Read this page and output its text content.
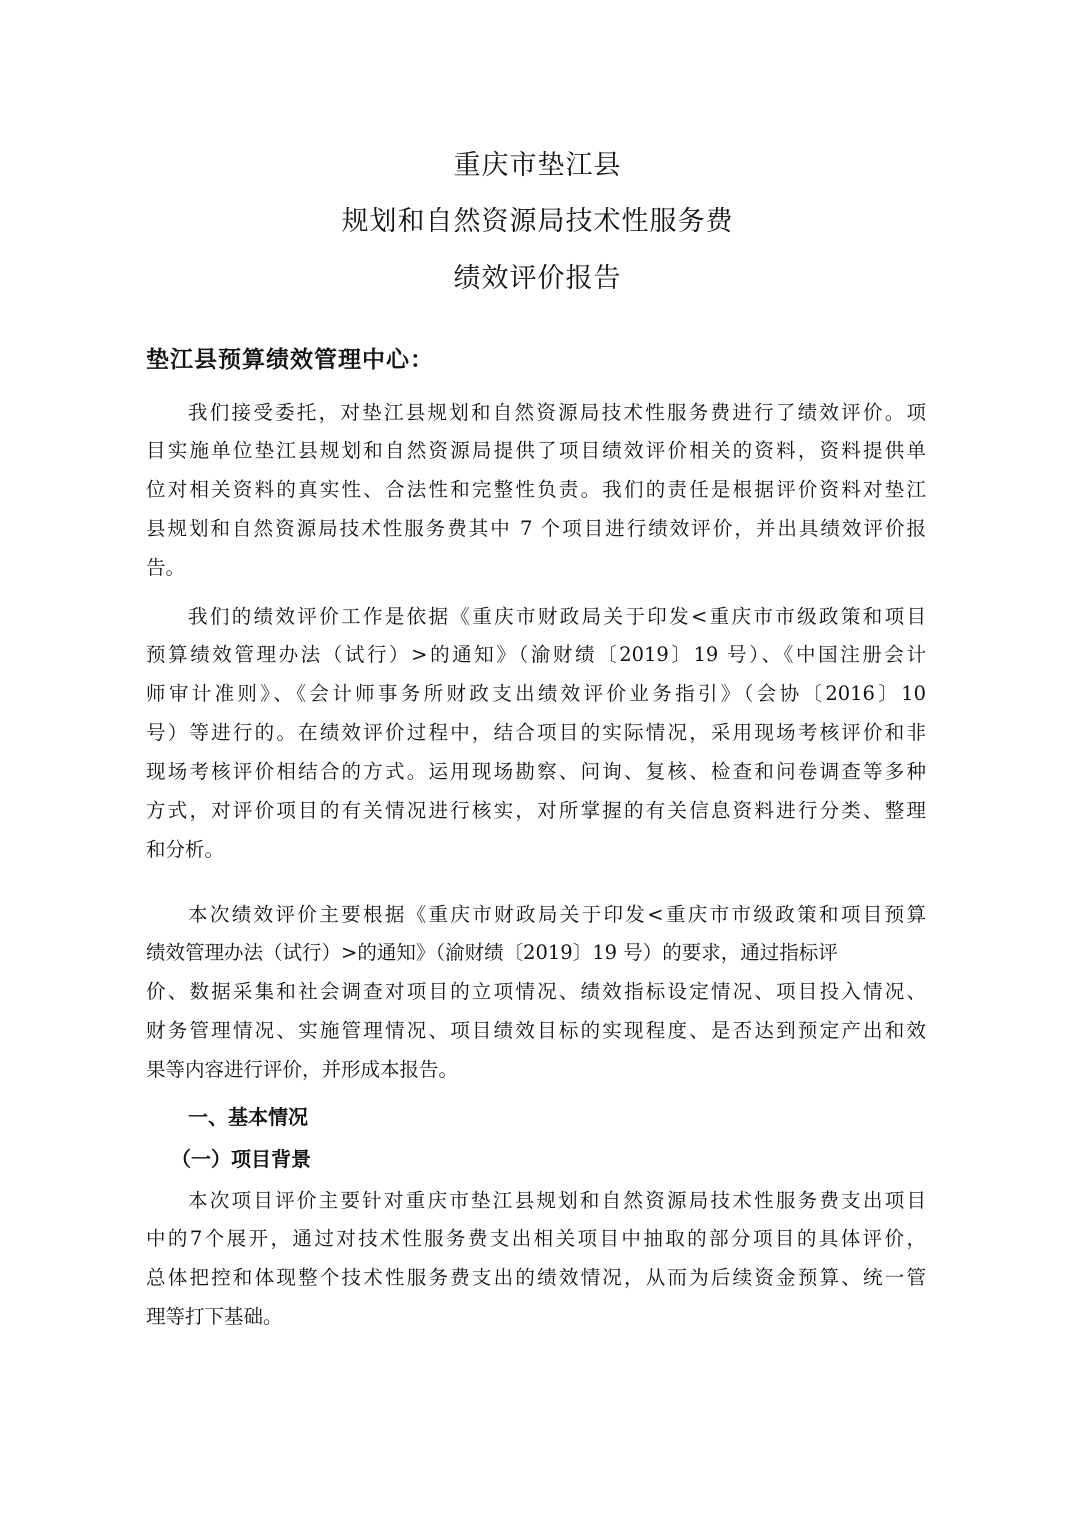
重庆市垫江县
规划和自然资源局技术性服务费
绩效评价报告
垫江县预算绩效管理中心：
我们接受委托，对垫江县规划和自然资源局技术性服务费进行了绩效评价。项
目实施单位垫江县规划和自然资源局提供了项目绩效评价相关的资料，资料提供单
位对相关资料的真实性、合法性和完整性负责。我们的责任是根据评价资料对垫江
县规划和自然资源局技术性服务费其中 7 个项目进行绩效评价，并出具绩效评价报
告。
我们的绩效评价工作是依据《重庆市财政局关于印发<重庆市市级政策和项目
预算绩效管理办法（试行）>的通知》（渝财绩〔2019〕19 号）、《中国注册会计
师审计准则》、《会计师事务所财政支出绩效评价业务指引》（会协〔2016〕10
号）等进行的。在绩效评价过程中，结合项目的实际情况，采用现场考核评价和非
现场考核评价相结合的方式。运用现场勘察、问询、复核、检查和问卷调查等多种
方式，对评价项目的有关情况进行核实，对所掌握的有关信息资料进行分类、整理
和分析。
本次绩效评价主要根据《重庆市财政局关于印发<重庆市市级政策和项目预算
绩效管理办法（试行）>的通知》（渝财绩〔2019〕19 号）的要求，通过指标评
价、数据采集和社会调查对项目的立项情况、绩效指标设定情况、项目投入情况、
财务管理情况、实施管理情况、项目绩效目标的实现程度、是否达到预定产出和效
果等内容进行评价，并形成本报告。
一、基本情况
（一）项目背景
本次项目评价主要针对重庆市垫江县规划和自然资源局技术性服务费支出项目
中的7个展开，通过对技术性服务费支出相关项目中抽取的部分项目的具体评价，
总体把控和体现整个技术性服务费支出的绩效情况，从而为后续资金预算、统一管
理等打下基础。
